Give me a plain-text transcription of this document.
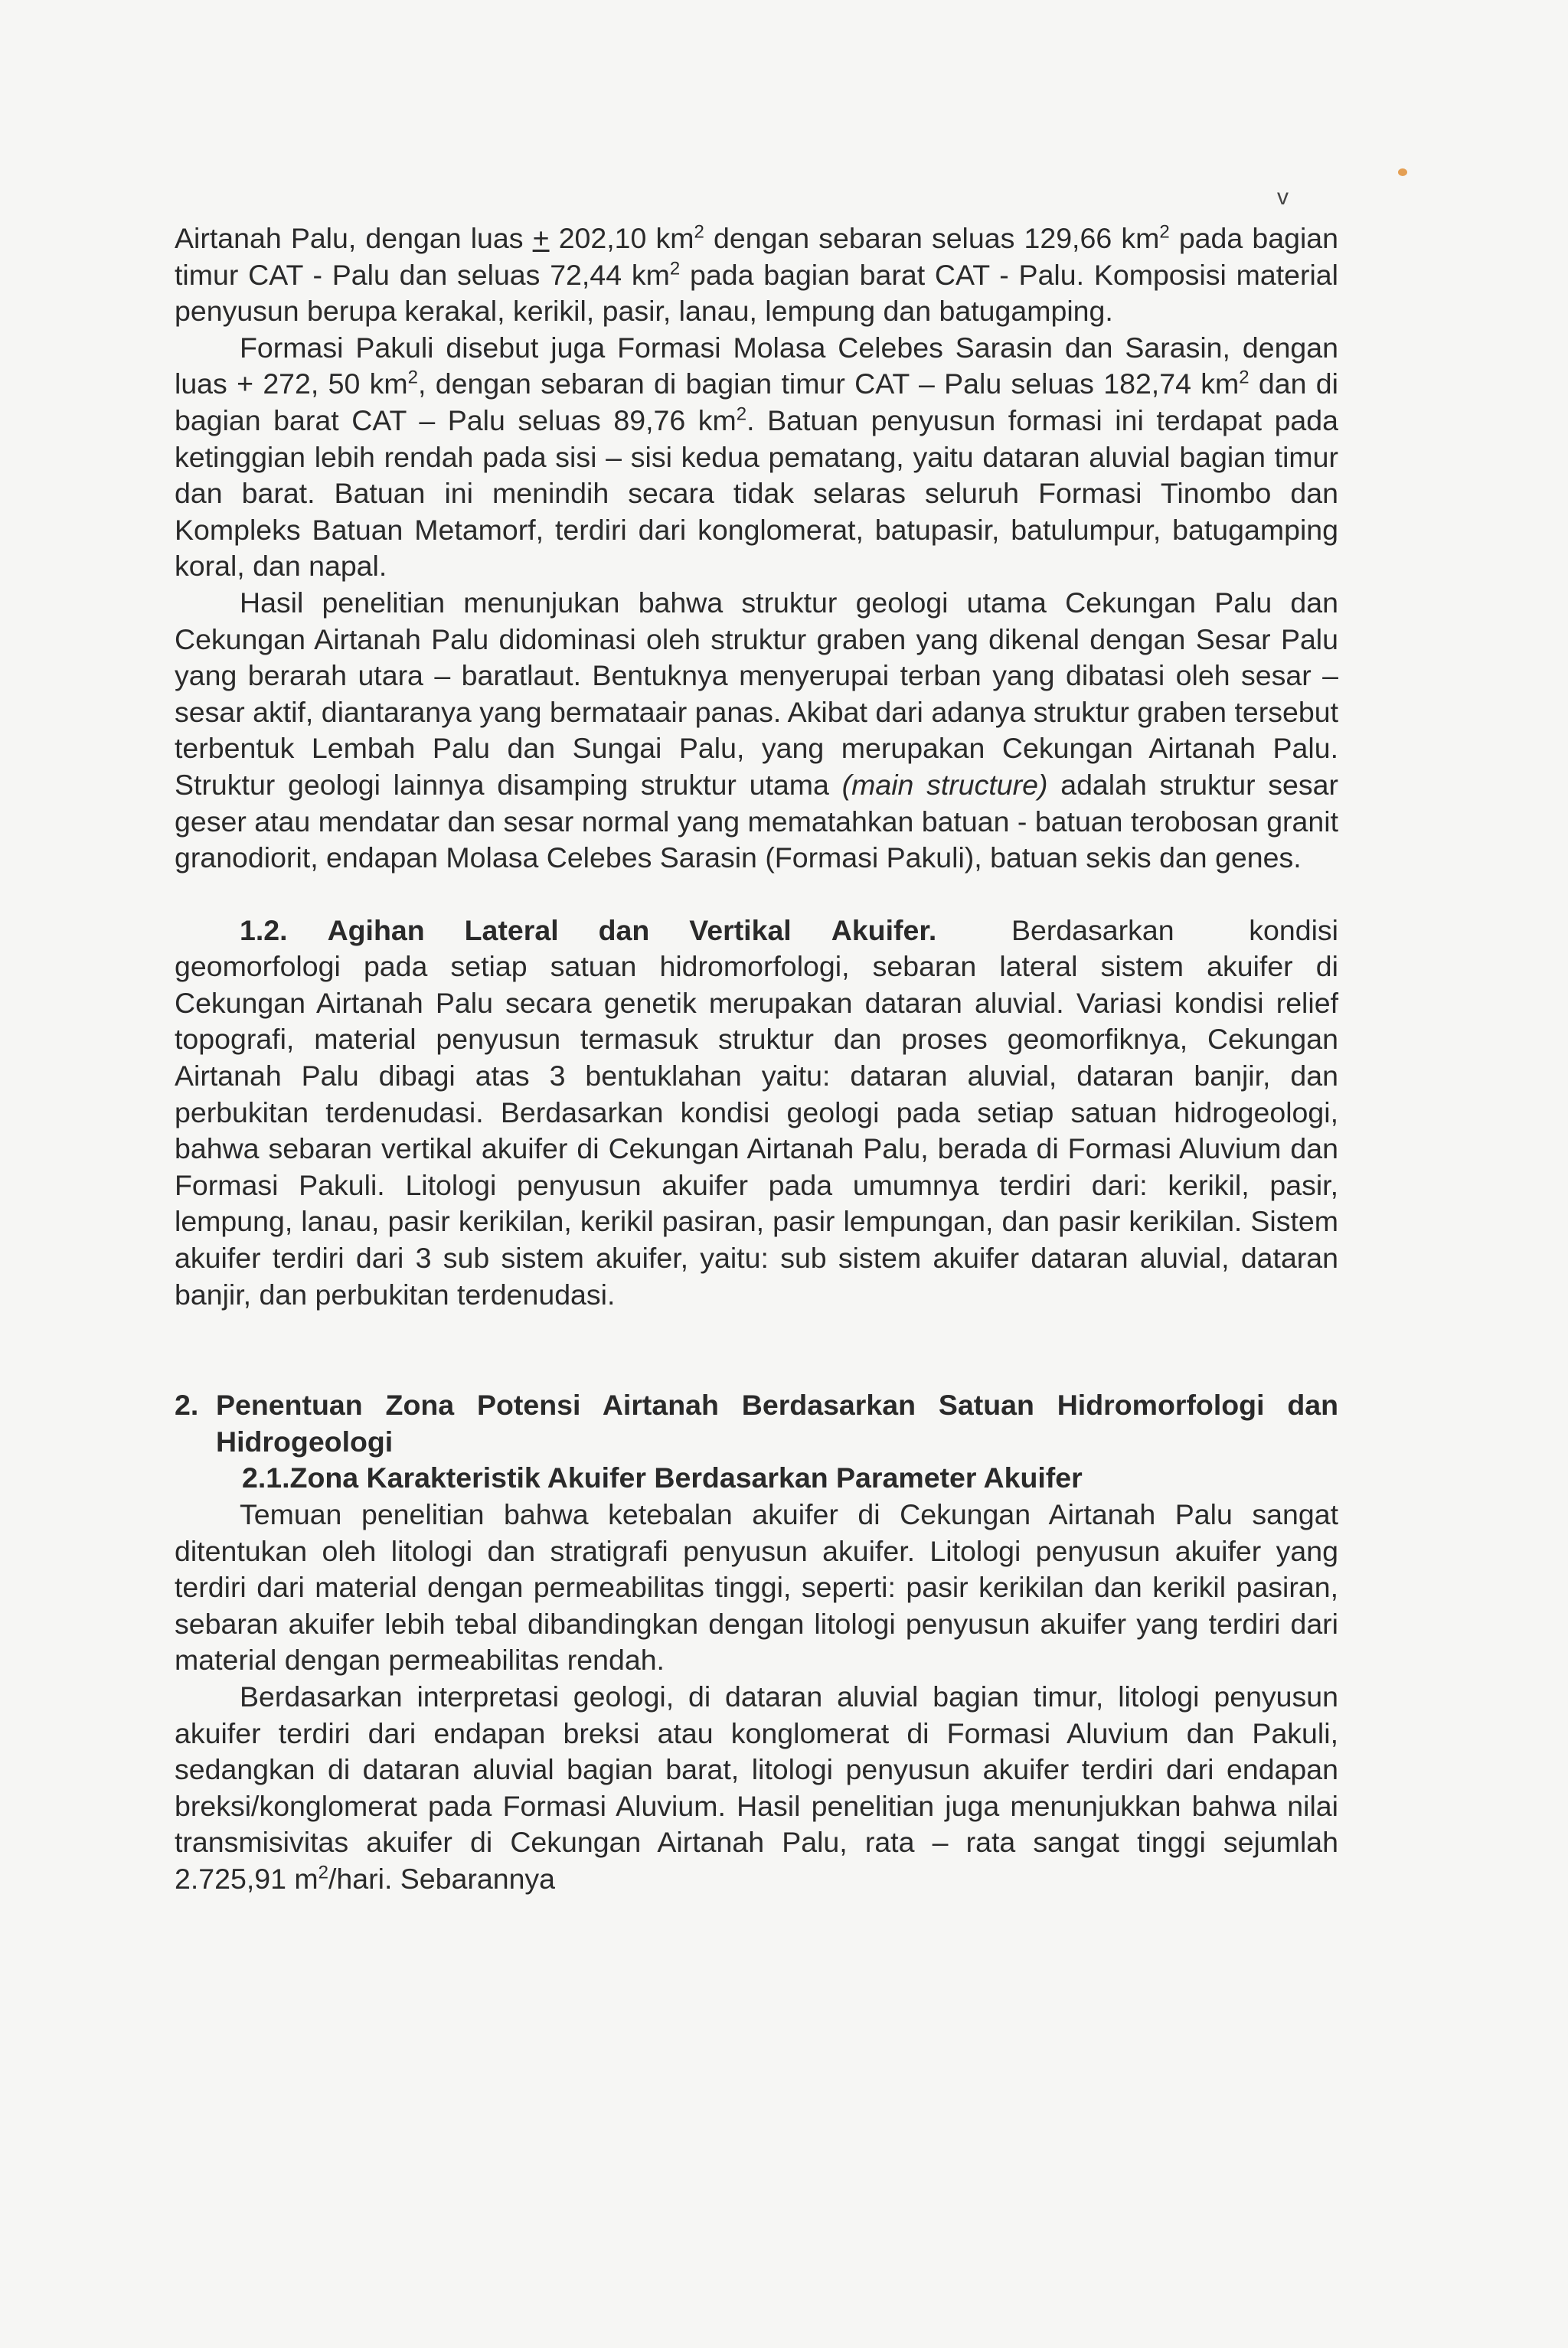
v

Airtanah Palu, dengan luas + 202,10 $km^2$ dengan sebaran seluas 129,66 $km^2$ pada bagian timur CAT - Palu dan seluas 72,44 $km^2$ pada bagian barat CAT - Palu. Komposisi material penyusun berupa kerakal, kerikil, pasir, lanau, lempung dan batugamping.

Formasi Pakuli disebut juga Formasi Molasa Celebes Sarasin dan Sarasin, dengan luas + 272, 50 $km^2$, dengan sebaran di bagian timur CAT – Palu seluas 182,74 $km^2$ dan di bagian barat CAT – Palu seluas 89,76 $km^2$. Batuan penyusun formasi ini terdapat pada ketinggian lebih rendah pada sisi – sisi kedua pematang, yaitu dataran aluvial bagian timur dan barat. Batuan ini menindih secara tidak selaras seluruh Formasi Tinombo dan Kompleks Batuan Metamorf, terdiri dari konglomerat, batupasir, batulumpur, batugamping koral, dan napal.

Hasil penelitian menunjukan bahwa struktur geologi utama Cekungan Palu dan Cekungan Airtanah Palu didominasi oleh struktur graben yang dikenal dengan Sesar Palu yang berarah utara – baratlaut. Bentuknya menyerupai terban yang dibatasi oleh sesar – sesar aktif, diantaranya yang bermataair panas. Akibat dari adanya struktur graben tersebut terbentuk Lembah Palu dan Sungai Palu, yang merupakan Cekungan Airtanah Palu. Struktur geologi lainnya disamping struktur utama (main structure) adalah struktur sesar geser atau mendatar dan sesar normal yang mematahkan batuan - batuan terobosan granit granodiorit, endapan Molasa Celebes Sarasin (Formasi Pakuli), batuan sekis dan genes.

1.2. Agihan Lateral dan Vertikal Akuifer. Berdasarkan kondisi geomorfologi pada setiap satuan hidromorfologi, sebaran lateral sistem akuifer di Cekungan Airtanah Palu secara genetik merupakan dataran aluvial. Variasi kondisi relief topografi, material penyusun termasuk struktur dan proses geomorfiknya, Cekungan Airtanah Palu dibagi atas 3 bentuklahan yaitu: dataran aluvial, dataran banjir, dan perbukitan terdenudasi. Berdasarkan kondisi geologi pada setiap satuan hidrogeologi, bahwa sebaran vertikal akuifer di Cekungan Airtanah Palu, berada di Formasi Aluvium dan Formasi Pakuli. Litologi penyusun akuifer pada umumnya terdiri dari: kerikil, pasir, lempung, lanau, pasir kerikilan, kerikil pasiran, pasir lempungan, dan pasir kerikilan. Sistem akuifer terdiri dari 3 sub sistem akuifer, yaitu: sub sistem akuifer dataran aluvial, dataran banjir, dan perbukitan terdenudasi.

2. Penentuan Zona Potensi Airtanah Berdasarkan Satuan Hidromorfologi dan Hidrogeologi

2.1.Zona Karakteristik Akuifer Berdasarkan Parameter Akuifer

Temuan penelitian bahwa ketebalan akuifer di Cekungan Airtanah Palu sangat ditentukan oleh litologi dan stratigrafi penyusun akuifer. Litologi penyusun akuifer yang terdiri dari material dengan permeabilitas tinggi, seperti: pasir kerikilan dan kerikil pasiran, sebaran akuifer lebih tebal dibandingkan dengan litologi penyusun akuifer yang terdiri dari material dengan permeabilitas rendah.

Berdasarkan interpretasi geologi, di dataran aluvial bagian timur, litologi penyusun akuifer terdiri dari endapan breksi atau konglomerat di Formasi Aluvium dan Pakuli, sedangkan di dataran aluvial bagian barat, litologi penyusun akuifer terdiri dari endapan breksi/konglomerat pada Formasi Aluvium. Hasil penelitian juga menunjukkan bahwa nilai transmisivitas akuifer di Cekungan Airtanah Palu, rata – rata sangat tinggi sejumlah 2.725,91 $m^2$/hari. Sebarannya
